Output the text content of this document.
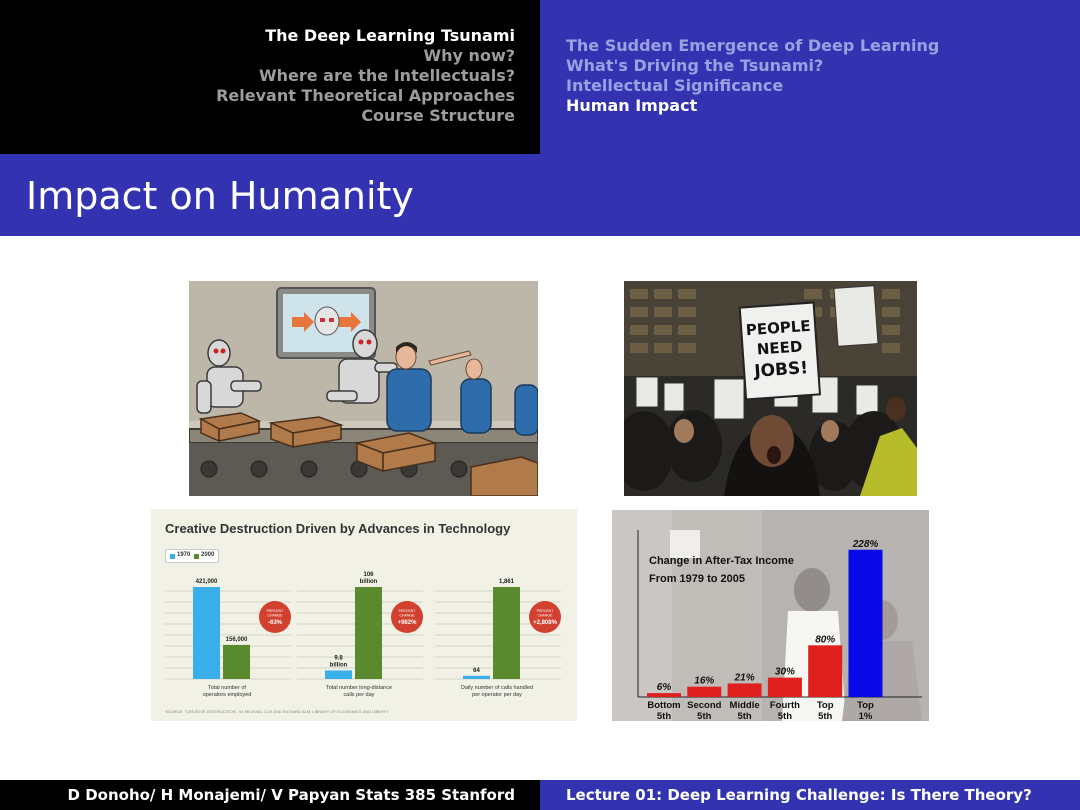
The Deep Learning Tsunami
Why now?
Where are the Intellectuals?
Relevant Theoretical Approaches
Course Structure
The Sudden Emergence of Deep Learning
What's Driving the Tsunami?
Intellectual Significance
Human Impact
Impact on Humanity
PEOPLE
NEED
JOBS!
Creative Destruction Driven by Advances in Technology
1970 2000
421,000
156,000
Total number of
operators employed
PERCENT
CHANGE
-63%
9.8
billion
106
billion
Total number long-distance
calls per day
PERCENT
CHANGE
+982%
64
1,861
Daily number of calls handled
per operator per day
PERCENT
CHANGE
+2,808%
SOURCE: "CREATIVE DESTRUCTION", W. MICHAEL COX AND RICHARD ALM, LIBRARY OF ECONOMICS AND LIBERTY
Change in After-Tax Income
From 1979 to 2005
6%
Bottom
5th
16%
Second
5th
21%
Middle
5th
30%
Fourth
5th
80%
Top
5th
228%
Top
1%
D Donoho/ H Monajemi/ V Papyan Stats 385 Stanford	Lecture 01: Deep Learning Challenge: Is There Theory?
